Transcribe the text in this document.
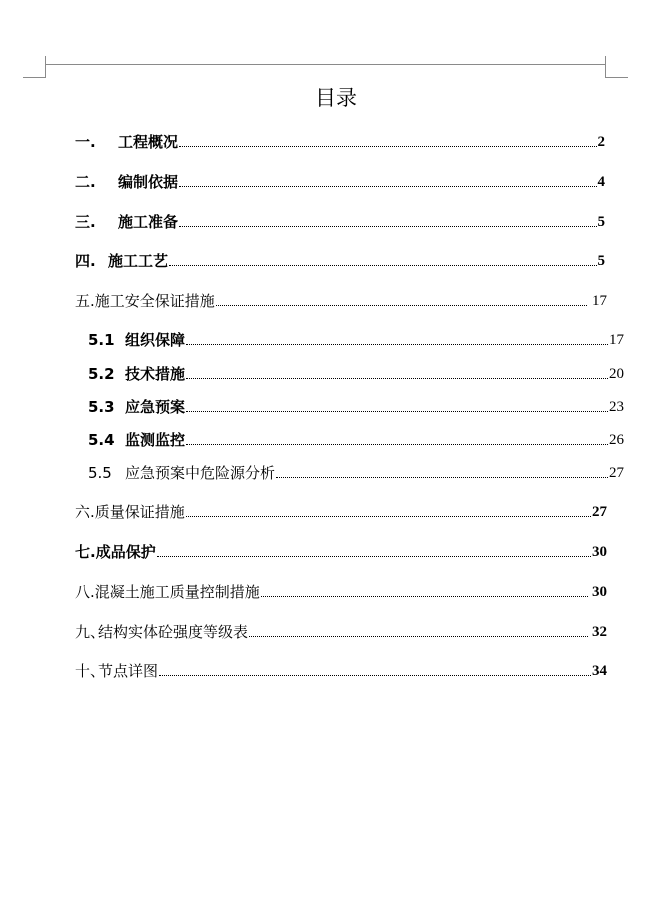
目录
一. 工程概况	2
二. 编制依据	4
三. 施工准备	5
四. 施工工艺	5
五.施工安全保证措施	17
5.1 组织保障	17
5.2 技术措施	20
5.3 应急预案	23
5.4 监测监控	26
5.5 应急预案中危险源分析	27
六.质量保证措施	27
七.成品保护	30
八.混凝土施工质量控制措施	30
九、结构实体砼强度等级表	32
十、节点详图	34
